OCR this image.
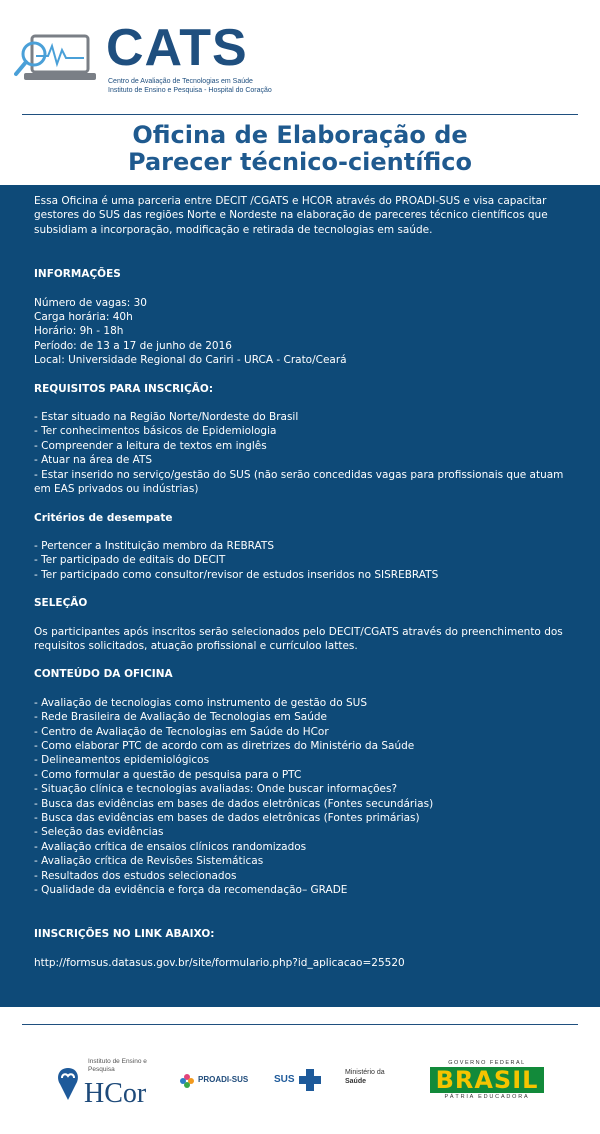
CATS
Centro de Avaliação de Tecnologias em Saúde
Instituto de Ensino e Pesquisa - Hospital do Coração
Oficina de Elaboração de
Parecer técnico-científico

Essa Oficina é uma parceria entre DECIT /CGATS e HCOR através do PROADI-SUS e visa capacitar gestores do SUS das regiões Norte e Nordeste na elaboração de pareceres técnico científicos que subsidiam a incorporação, modificação e retirada de tecnologias em saúde.

INFORMAÇÕES

Número de vagas: 30
Carga horária: 40h
Horário: 9h - 18h
Período: de 13 a 17 de junho de 2016
Local: Universidade Regional do Cariri - URCA - Crato/Ceará

REQUISITOS PARA INSCRIÇÃO:

- Estar situado na Região Norte/Nordeste do Brasil
- Ter conhecimentos básicos de Epidemiologia
- Compreender a leitura de textos em inglês
- Atuar na área de ATS
- Estar inserido no serviço/gestão do SUS (não serão concedidas vagas para profissionais que atuam em EAS privados ou indústrias)

Critérios de desempate

- Pertencer a Instituição membro da REBRATS
- Ter participado de editais do DECIT
- Ter participado como consultor/revisor de estudos inseridos no SISREBRATS

SELEÇÃO

Os participantes após inscritos serão selecionados pelo DECIT/CGATS através do preenchimento dos requisitos solicitados, atuação profissional e currículoo lattes.

CONTEÚDO DA OFICINA

- Avaliação de tecnologias como instrumento de gestão do SUS
- Rede Brasileira de Avaliação de Tecnologias em Saúde
- Centro de Avaliação de Tecnologias em Saúde do HCor
- Como elaborar PTC de acordo com as diretrizes do Ministério da Saúde
- Delineamentos epidemiológicos
- Como formular a questão de pesquisa para o PTC
- Situação clínica e tecnologias avaliadas: Onde buscar informações?
- Busca das evidências em bases de dados eletrônicas (Fontes secundárias)
- Busca das evidências em bases de dados eletrônicas (Fontes primárias)
- Seleção das evidências
- Avaliação crítica de ensaios clínicos randomizados
- Avaliação crítica de Revisões Sistemáticas
- Resultados dos estudos selecionados
- Qualidade da evidência e força da recomendação– GRADE

IINSCRIÇÕES NO LINK ABAIXO:

http://formsus.datasus.gov.br/site/formulario.php?id_aplicacao=25520
Instituto de Ensino e Pesquisa
HCor	PROADI-SUS	SUS
Ministério da
Saúde
GOVERNO FEDERAL
BRASIL
PÁTRIA EDUCADORA
